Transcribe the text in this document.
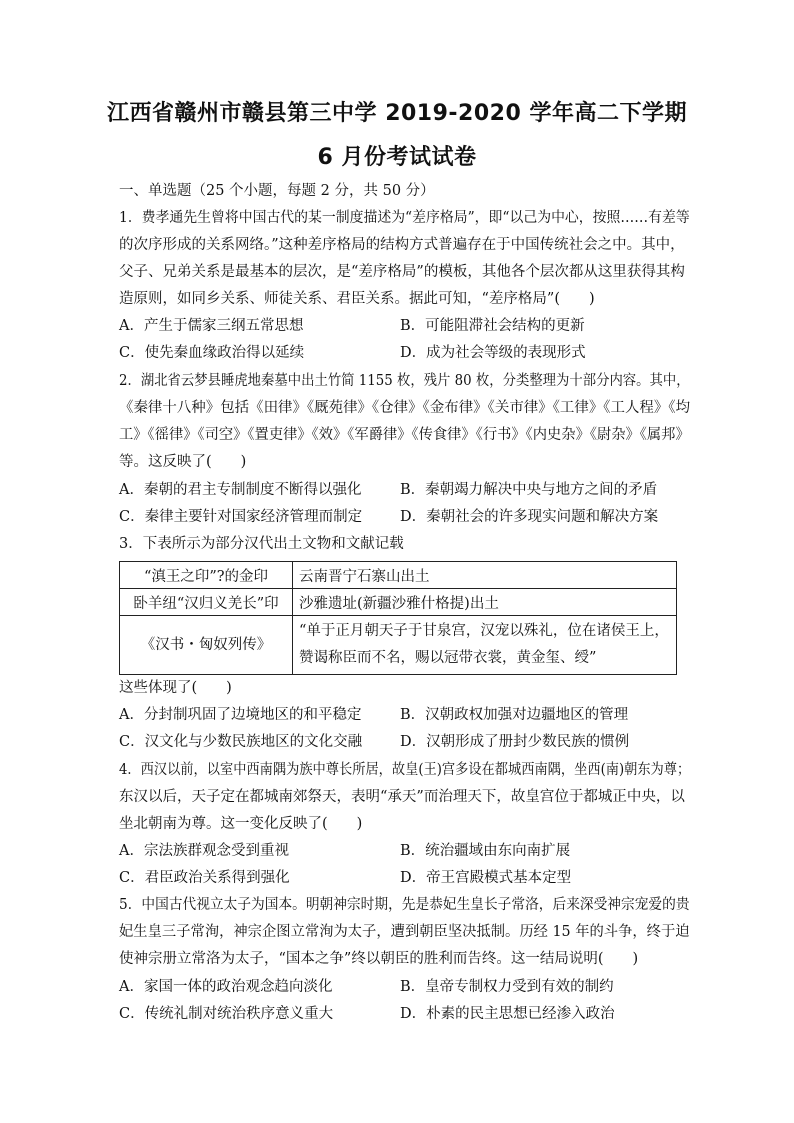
江西省赣州市赣县第三中学 2019-2020 学年高二下学期
6 月份考试试卷
一、单选题（25 个小题，每题 2 分，共 50 分）
1．费孝通先生曾将中国古代的某一制度描述为“差序格局”，即“以己为中心，按照……有差等
的次序形成的关系网络。”这种差序格局的结构方式普遍存在于中国传统社会之中。其中，
父子、兄弟关系是最基本的层次，是“差序格局”的模板，其他各个层次都从这里获得其构
造原则，如同乡关系、师徒关系、君臣关系。据此可知，“差序格局”(　　)
A．产生于儒家三纲五常思想	B．可能阻滞社会结构的更新
C．使先秦血缘政治得以延续	D．成为社会等级的表现形式
2．湖北省云梦县睡虎地秦墓中出土竹简 1155 枚，残片 80 枚，分类整理为十部分内容。其中，
《秦律十八种》包括《田律》《厩苑律》《仓律》《金布律》《关市律》《工律》《工人程》《均
工》《徭律》《司空》《置吏律》《效》《军爵律》《传食律》《行书》《内史杂》《尉杂》《属邦》
等。这反映了(　　)
A．秦朝的君主专制制度不断得以强化	B．秦朝竭力解决中央与地方之间的矛盾
C．秦律主要针对国家经济管理而制定	D．秦朝社会的许多现实问题和解决方案
3．下表所示为部分汉代出土文物和文献记载
“滇王之印”?的金印	云南晋宁石寨山出土
卧羊纽“汉归义羌长”印	沙雅遗址(新疆沙雅什格提)出土
《汉书・匈奴列传》	“单于正月朝天子于甘泉宫，汉宠以殊礼，位在诸侯王上，
赞谒称臣而不名，赐以冠带衣裳，黄金玺、绶”
这些体现了(　　)
A．分封制巩固了边境地区的和平稳定	B．汉朝政权加强对边疆地区的管理
C．汉文化与少数民族地区的文化交融	D．汉朝形成了册封少数民族的惯例
4．西汉以前，以室中西南隅为族中尊长所居，故皇(王)宫多设在都城西南隅，坐西(南)朝东为尊；
东汉以后，天子定在都城南郊祭天，表明“承天”而治理天下，故皇宫位于都城正中央，以
坐北朝南为尊。这一变化反映了(　　)
A．宗法族群观念受到重视	B．统治疆域由东向南扩展
C．君臣政治关系得到强化	D．帝王宫殿模式基本定型
5．中国古代视立太子为国本。明朝神宗时期，先是恭妃生皇长子常洛，后来深受神宗宠爱的贵
妃生皇三子常洵，神宗企图立常洵为太子，遭到朝臣坚决抵制。历经 15 年的斗争，终于迫
使神宗册立常洛为太子，“国本之争”终以朝臣的胜利而告终。这一结局说明(　　)
A．家国一体的政治观念趋向淡化	B．皇帝专制权力受到有效的制约
C．传统礼制对统治秩序意义重大	D．朴素的民主思想已经渗入政治
